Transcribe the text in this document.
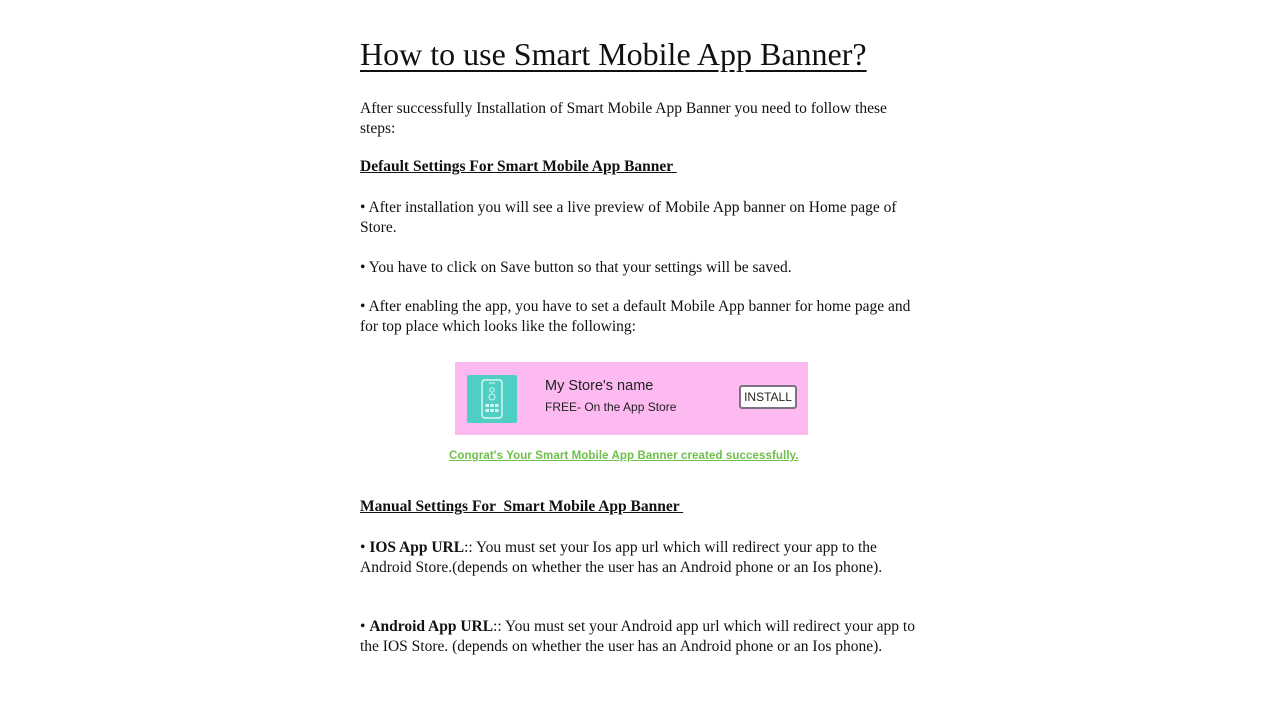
How to use Smart Mobile App Banner?

After successfully Installation of Smart Mobile App Banner you need to follow these steps:

Default Settings For Smart Mobile App Banner

• After installation you will see a live preview of Mobile App banner on Home page of Store.

• You have to click on Save button so that your settings will be saved.

• After enabling the app, you have to set a default Mobile App banner for home page and for top place which looks like the following:

My Store's name
FREE- On the App Store
INSTALL
Congrat's Your Smart Mobile App Banner created successfully.

Manual Settings For  Smart Mobile App Banner

• IOS App URL:: You must set your Ios app url which will redirect your app to the Android Store.(depends on whether the user has an Android phone or an Ios phone).

• Android App URL:: You must set your Android app url which will redirect your app to the IOS Store. (depends on whether the user has an Android phone or an Ios phone).
